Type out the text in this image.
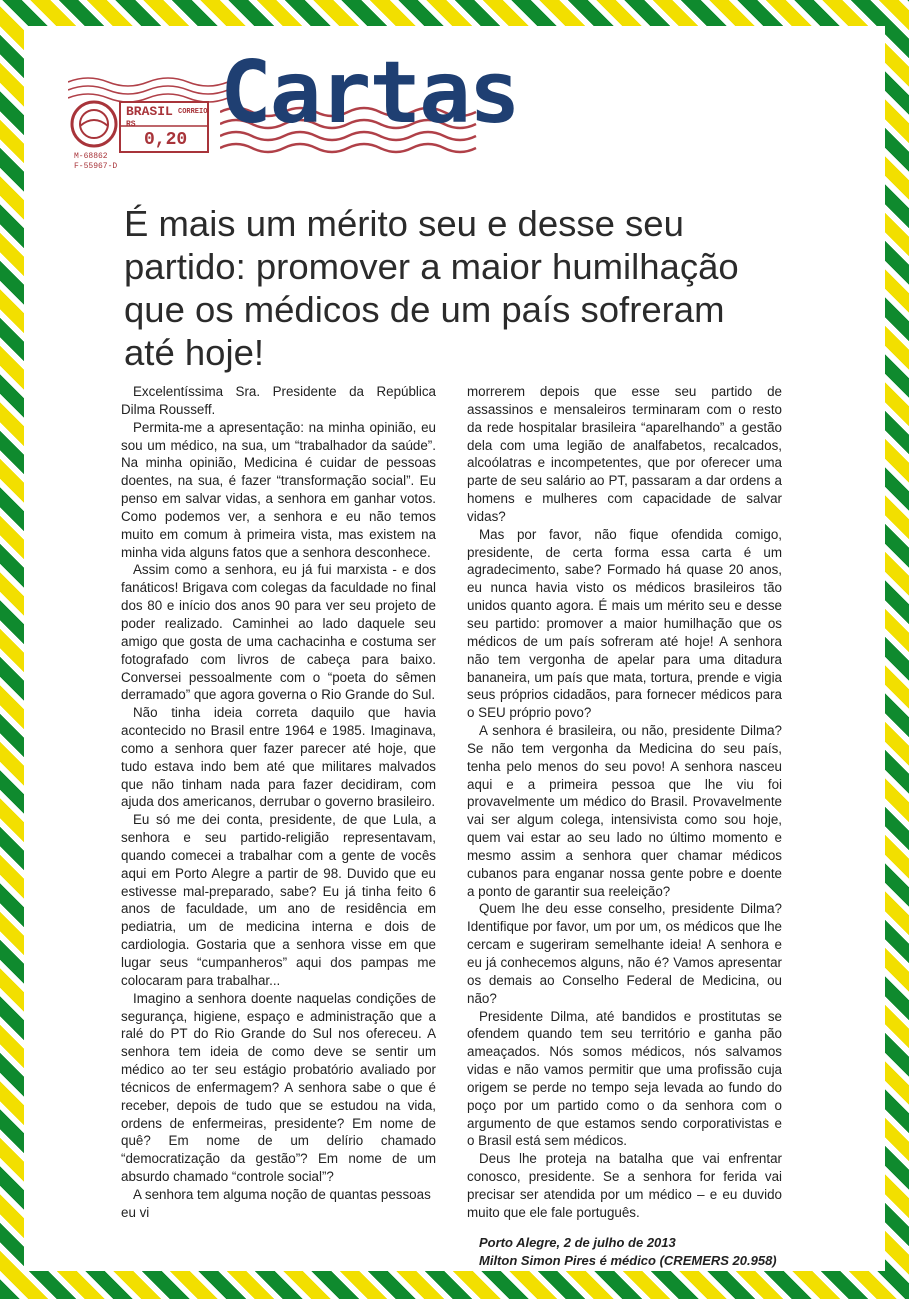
BRASIL CORREIO
RS
0,20
M-68862
F-55967-D
Cartas
É mais um mérito seu e desse seu partido: promover a maior humilhação que os médicos de um país sofreram até hoje!

Excelentíssima Sra. Presidente da República Dilma Rousseff.

Permita-me a apresentação: na minha opinião, eu sou um médico, na sua, um “trabalhador da saúde”. Na minha opinião, Medicina é cuidar de pessoas doentes, na sua, é fazer “transformação social”. Eu penso em salvar vidas, a senhora em ganhar votos. Como podemos ver, a senhora e eu não temos muito em comum à primeira vista, mas existem na minha vida alguns fatos que a senhora desconhece.

Assim como a senhora, eu já fui marxista - e dos fanáticos! Brigava com colegas da faculdade no final dos 80 e início dos anos 90 para ver seu projeto de poder realizado. Caminhei ao lado daquele seu amigo que gosta de uma cachacinha e costuma ser fotografado com livros de cabeça para baixo. Conversei pessoalmente com o “poeta do sêmen derramado” que agora governa o Rio Grande do Sul.

Não tinha ideia correta daquilo que havia acontecido no Brasil entre 1964 e 1985. Imaginava, como a senhora quer fazer parecer até hoje, que tudo estava indo bem até que militares malvados que não tinham nada para fazer decidiram, com ajuda dos americanos, derrubar o governo brasileiro.

Eu só me dei conta, presidente, de que Lula, a senhora e seu partido-religião representavam, quando comecei a trabalhar com a gente de vocês aqui em Porto Alegre a partir de 98. Duvido que eu estivesse mal-preparado, sabe? Eu já tinha feito 6 anos de faculdade, um ano de residência em pediatria, um de medicina interna e dois de cardiologia. Gostaria que a senhora visse em que lugar seus “cumpanheros” aqui dos pampas me colocaram para trabalhar...

Imagino a senhora doente naquelas condições de segurança, higiene, espaço e administração que a ralé do PT do Rio Grande do Sul nos ofereceu. A senhora tem ideia de como deve se sentir um médico ao ter seu estágio probatório avaliado por técnicos de enfermagem? A senhora sabe o que é receber, depois de tudo que se estudou na vida, ordens de enfermeiras, presidente? Em nome de quê? Em nome de um delírio chamado “democratização da gestão”? Em nome de um absurdo chamado “controle social”?

A senhora tem alguma noção de quantas pessoas eu vi

morrerem depois que esse seu partido de assassinos e mensaleiros terminaram com o resto da rede hospitalar brasileira “aparelhando” a gestão dela com uma legião de analfabetos, recalcados, alcoólatras e incompetentes, que por oferecer uma parte de seu salário ao PT, passaram a dar ordens a homens e mulheres com capacidade de salvar vidas?

Mas por favor, não fique ofendida comigo, presidente, de certa forma essa carta é um agradecimento, sabe? Formado há quase 20 anos, eu nunca havia visto os médicos brasileiros tão unidos quanto agora. É mais um mérito seu e desse seu partido: promover a maior humilhação que os médicos de um país sofreram até hoje! A senhora não tem vergonha de apelar para uma ditadura bananeira, um país que mata, tortura, prende e vigia seus próprios cidadãos, para fornecer médicos para o SEU próprio povo?

A senhora é brasileira, ou não, presidente Dilma? Se não tem vergonha da Medicina do seu país, tenha pelo menos do seu povo! A senhora nasceu aqui e a primeira pessoa que lhe viu foi provavelmente um médico do Brasil. Provavelmente vai ser algum colega, intensivista como sou hoje, quem vai estar ao seu lado no último momento e mesmo assim a senhora quer chamar médicos cubanos para enganar nossa gente pobre e doente a ponto de garantir sua reeleição?

Quem lhe deu esse conselho, presidente Dilma? Identifique por favor, um por um, os médicos que lhe cercam e sugeriram semelhante ideia! A senhora e eu já conhecemos alguns, não é? Vamos apresentar os demais ao Conselho Federal de Medicina, ou não?

Presidente Dilma, até bandidos e prostitutas se ofendem quando tem seu território e ganha pão ameaçados. Nós somos médicos, nós salvamos vidas e não vamos permitir que uma profissão cuja origem se perde no tempo seja levada ao fundo do poço por um partido como o da senhora com o argumento de que estamos sendo corporativistas e o Brasil está sem médicos.

Deus lhe proteja na batalha que vai enfrentar conosco, presidente. Se a senhora for ferida vai precisar ser atendida por um médico – e eu duvido muito que ele fale português.

Porto Alegre, 2 de julho de 2013
Milton Simon Pires é médico (CREMERS 20.958)
